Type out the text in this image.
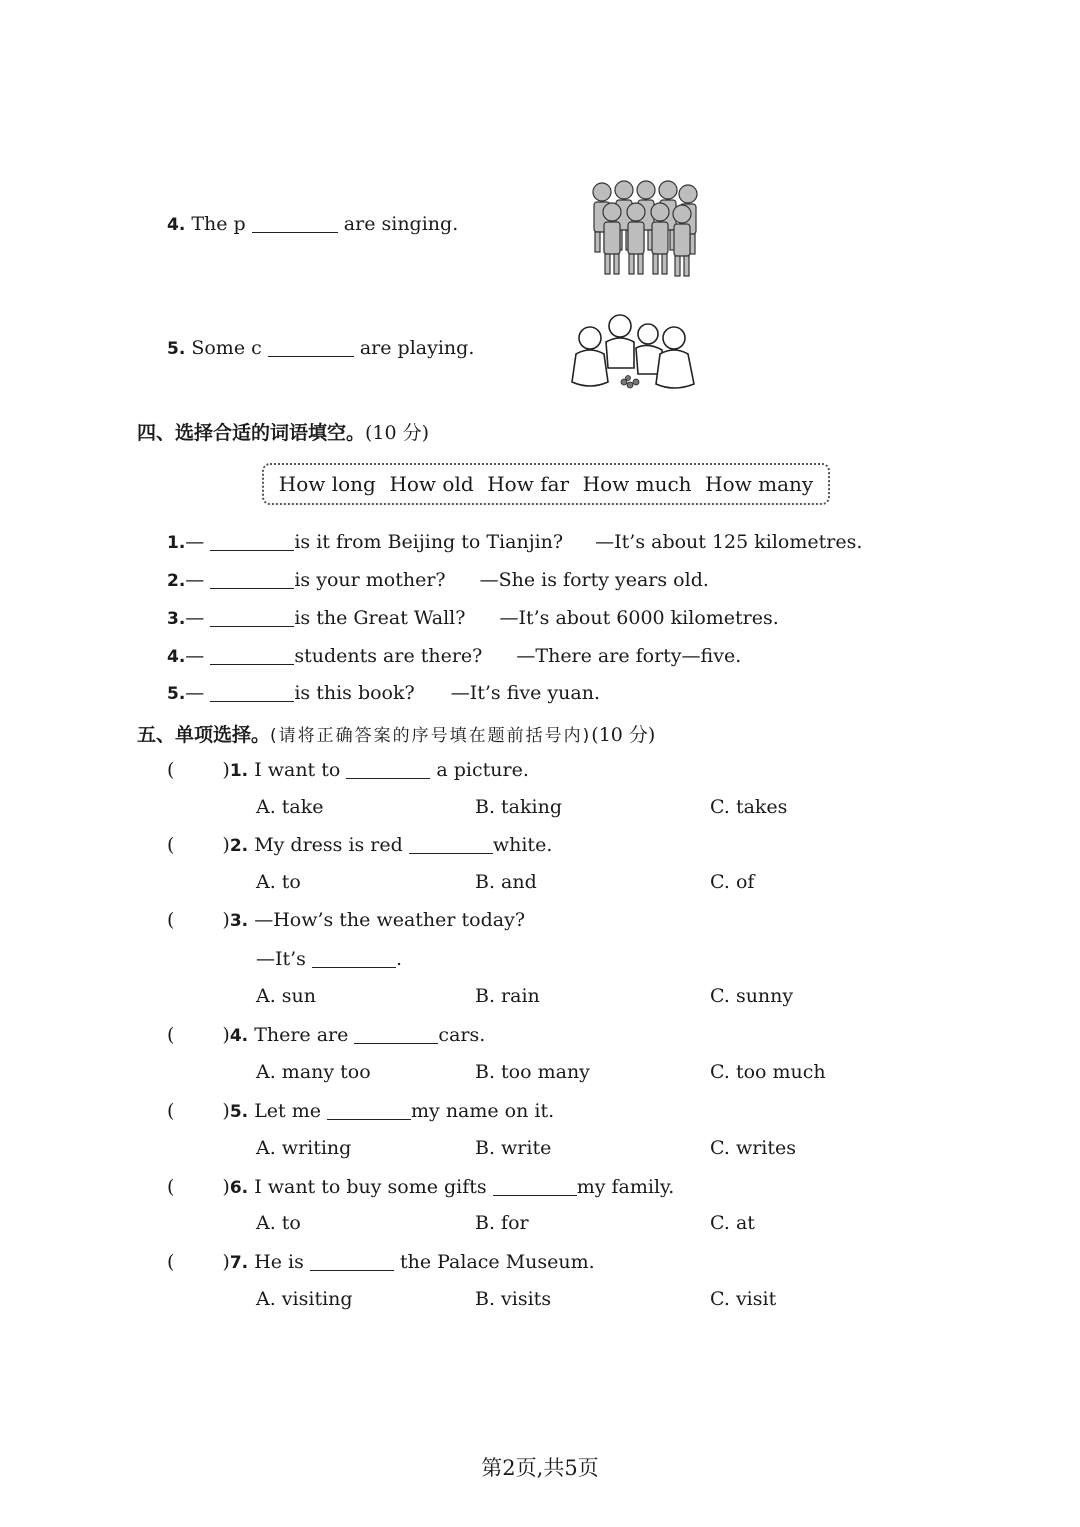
4. The p	are singing.
5. Some c	are playing.
四、选择合适的词语填空。(10 分)
How long How old How far How much How many
1.—	is it from Beijing to Tianjin? —It’s about 125 kilometres.
2.—	is your mother? —She is forty years old.
3.—	is the Great Wall? —It’s about 6000 kilometres.
4.—	students are there? —There are forty—five.
5.—	is this book? —It’s five yuan.
五、单项选择。(请将正确答案的序号填在题前括号内)(10 分)
(	)1. I want to	a picture.
A. take	B. taking	C. takes
(	)2. My dress is red	white.
A. to	B. and	C. of
(	)3. —How’s the weather today?
—It’s	.
A. sun	B. rain	C. sunny
(	)4. There are	cars.
A. many too	B. too many	C. too much
(	)5. Let me	my name on it.
A. writing	B. write	C. writes
(	)6. I want to buy some gifts	my family.
A. to	B. for	C. at
(	)7. He is	the Palace Museum.
A. visiting	B. visits	C. visit
第2页,共5页
